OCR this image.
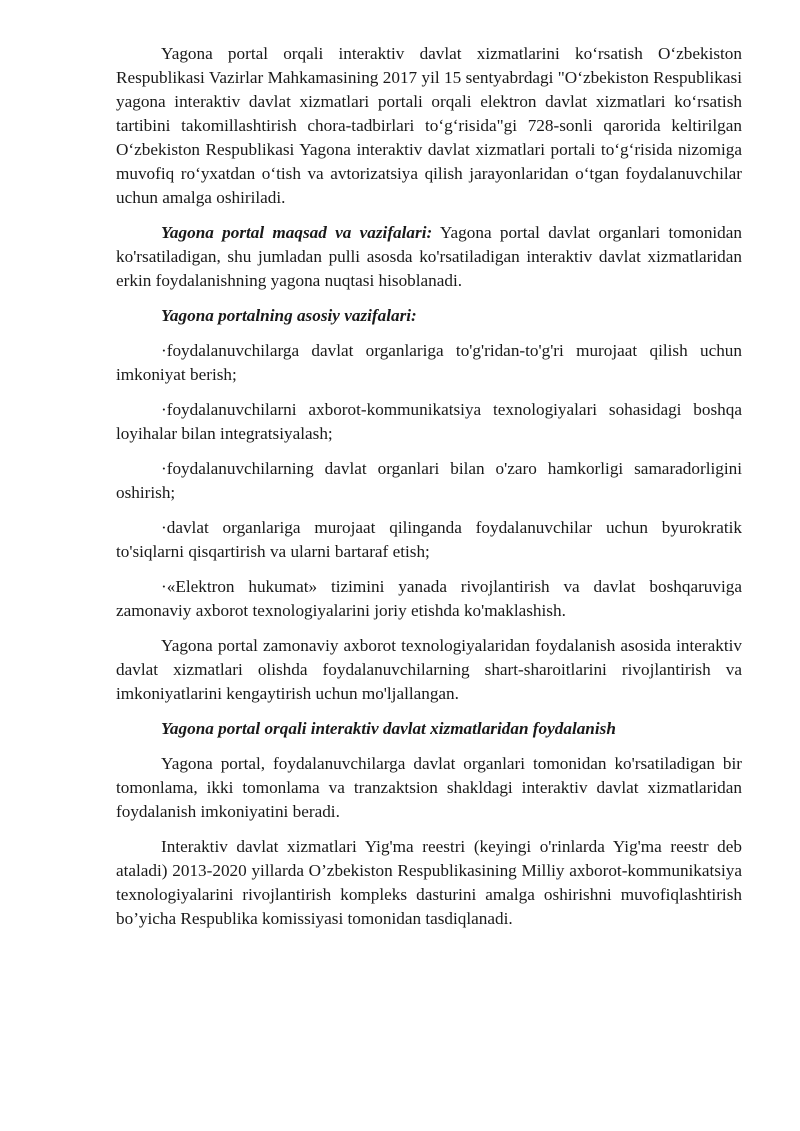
Yagona portal orqali interaktiv davlat xizmatlarini ko‘rsatish O‘zbekiston Respublikasi Vazirlar Mahkamasining 2017 yil 15 sentyabrdagi "O‘zbekiston Respublikasi yagona interaktiv davlat xizmatlari portali orqali elektron davlat xizmatlari ko‘rsatish tartibini takomillashtirish chora-tadbirlari to‘g‘risida"gi 728-sonli qarorida keltirilgan O‘zbekiston Respublikasi Yagona interaktiv davlat xizmatlari portali to‘g‘risida nizomiga muvofiq ro‘yxatdan o‘tish va avtorizatsiya qilish jarayonlaridan o‘tgan foydalanuvchilar uchun amalga oshiriladi.

Yagona portal maqsad va vazifalari: Yagona portal davlat organlari tomonidan ko'rsatiladigan, shu jumladan pulli asosda ko'rsatiladigan interaktiv davlat xizmatlaridan erkin foydalanishning yagona nuqtasi hisoblanadi.

Yagona portalning asosiy vazifalari:

·foydalanuvchilarga davlat organlariga to'g'ridan-to'g'ri murojaat qilish uchun imkoniyat berish;

·foydalanuvchilarni axborot-kommunikatsiya texnologiyalari sohasidagi boshqa loyihalar bilan integratsiyalash;

·foydalanuvchilarning davlat organlari bilan o'zaro hamkorligi samaradorligini oshirish;

·davlat organlariga murojaat qilinganda foydalanuvchilar uchun byurokratik to'siqlarni qisqartirish va ularni bartaraf etish;

·«Elektron hukumat» tizimini yanada rivojlantirish va davlat boshqaruviga zamonaviy axborot texnologiyalarini joriy etishda ko'maklashish.

Yagona portal zamonaviy axborot texnologiyalaridan foydalanish asosida interaktiv davlat xizmatlari olishda foydalanuvchilarning shart-sharoitlarini rivojlantirish va imkoniyatlarini kengaytirish uchun mo'ljallangan.

Yagona portal orqali interaktiv davlat xizmatlaridan foydalanish

Yagona portal, foydalanuvchilarga davlat organlari tomonidan ko'rsatiladigan bir tomonlama, ikki tomonlama va tranzaktsion shakldagi interaktiv davlat xizmatlaridan foydalanish imkoniyatini beradi.

Interaktiv davlat xizmatlari Yig'ma reestri (keyingi o'rinlarda Yig'ma reestr deb ataladi) 2013-2020 yillarda O’zbekiston Respublikasining Milliy axborot-kommunikatsiya texnologiyalarini rivojlantirish kompleks dasturini amalga oshirishni muvofiqlashtirish bo’yicha Respublika komissiyasi tomonidan tasdiqlanadi.
